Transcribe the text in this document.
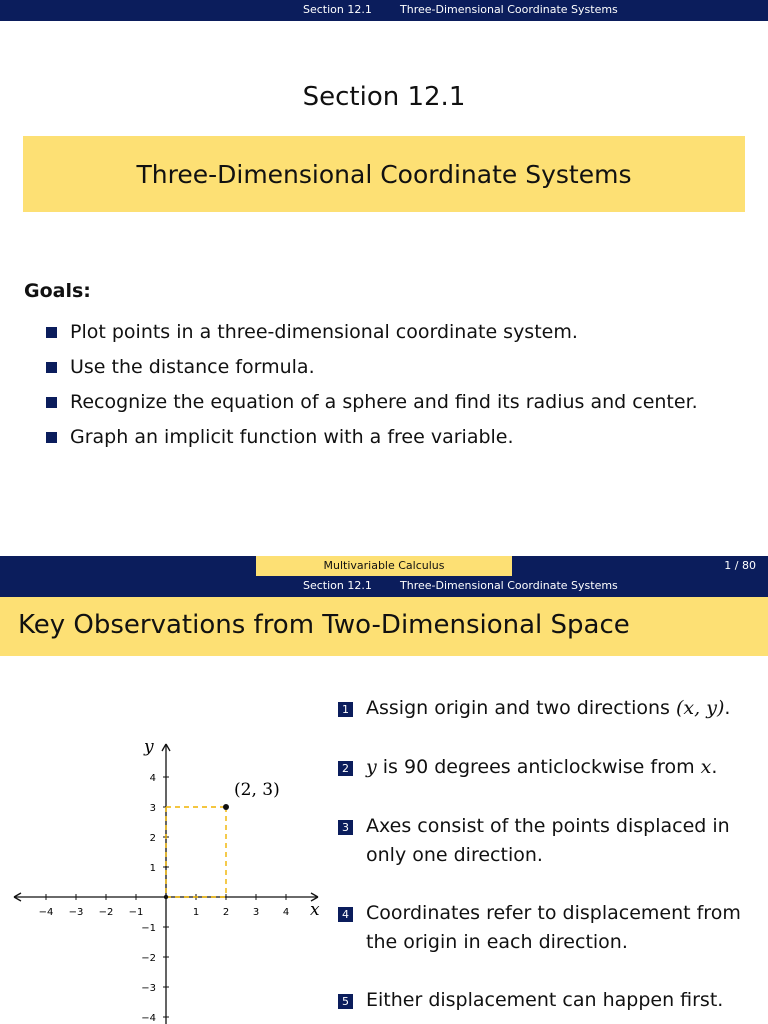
Section 12.1	Three-Dimensional Coordinate Systems
Section 12.1
Three-Dimensional Coordinate Systems
Goals:
Plot points in a three-dimensional coordinate system.
Use the distance formula.
Recognize the equation of a sphere and find its radius and center.
Graph an implicit function with a free variable.
Multivariable Calculus	1 / 80
Section 12.1	Three-Dimensional Coordinate Systems
Key Observations from Two-Dimensional Space
x
y
−4 −3 −2 −1	1 2 3 4
1
2
3
4
−1
−2
−3
−4
(2, 3)
1 Assign origin and two directions (x, y).
2 y is 90 degrees anticlockwise from x.
3 Axes consist of the points displaced in only one direction.
4 Coordinates refer to displacement from the origin in each direction.
5 Either displacement can happen first.
